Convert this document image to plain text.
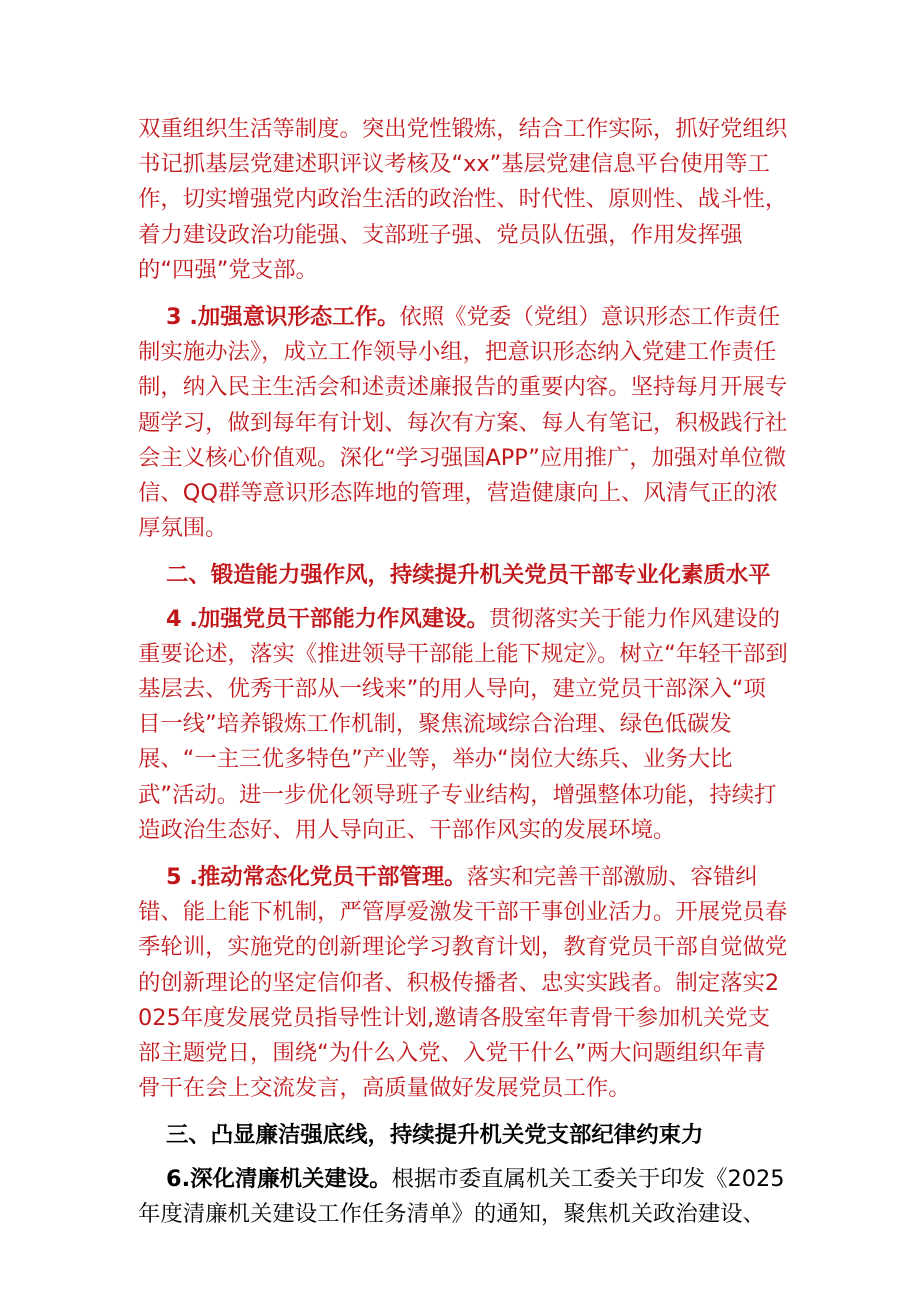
双重组织生活等制度。突出党性锻炼，结合工作实际，抓好党组织书记抓基层党建述职评议考核及“xx”基层党建信息平台使用等工作，切实增强党内政治生活的政治性、时代性、原则性、战斗性，着力建设政治功能强、支部班子强、党员队伍强，作用发挥强的“四强”党支部。

3 .加强意识形态工作。依照《党委（党组）意识形态工作责任制实施办法》，成立工作领导小组，把意识形态纳入党建工作责任制，纳入民主生活会和述责述廉报告的重要内容。坚持每月开展专题学习，做到每年有计划、每次有方案、每人有笔记，积极践行社会主义核心价值观。深化“学习强国APP”应用推广，加强对单位微信、QQ群等意识形态阵地的管理，营造健康向上、风清气正的浓厚氛围。

二、锻造能力强作风，持续提升机关党员干部专业化素质水平

4 .加强党员干部能力作风建设。贯彻落实关于能力作风建设的重要论述，落实《推进领导干部能上能下规定》。树立“年轻干部到基层去、优秀干部从一线来”的用人导向，建立党员干部深入“项目一线”培养锻炼工作机制，聚焦流域综合治理、绿色低碳发展、“一主三优多特色”产业等，举办“岗位大练兵、业务大比武”活动。进一步优化领导班子专业结构，增强整体功能，持续打造政治生态好、用人导向正、干部作风实的发展环境。

5 .推动常态化党员干部管理。落实和完善干部激励、容错纠错、能上能下机制，严管厚爱激发干部干事创业活力。开展党员春季轮训，实施党的创新理论学习教育计划，教育党员干部自觉做党的创新理论的坚定信仰者、积极传播者、忠实实践者。制定落实2025年度发展党员指导性计划,邀请各股室年青骨干参加机关党支部主题党日，围绕“为什么入党、入党干什么”两大问题组织年青骨干在会上交流发言，高质量做好发展党员工作。

三、凸显廉洁强底线，持续提升机关党支部纪律约束力

6.深化清廉机关建设。根据市委直属机关工委关于印发《2025年度清廉机关建设工作任务清单》的通知，聚焦机关政治建设、
